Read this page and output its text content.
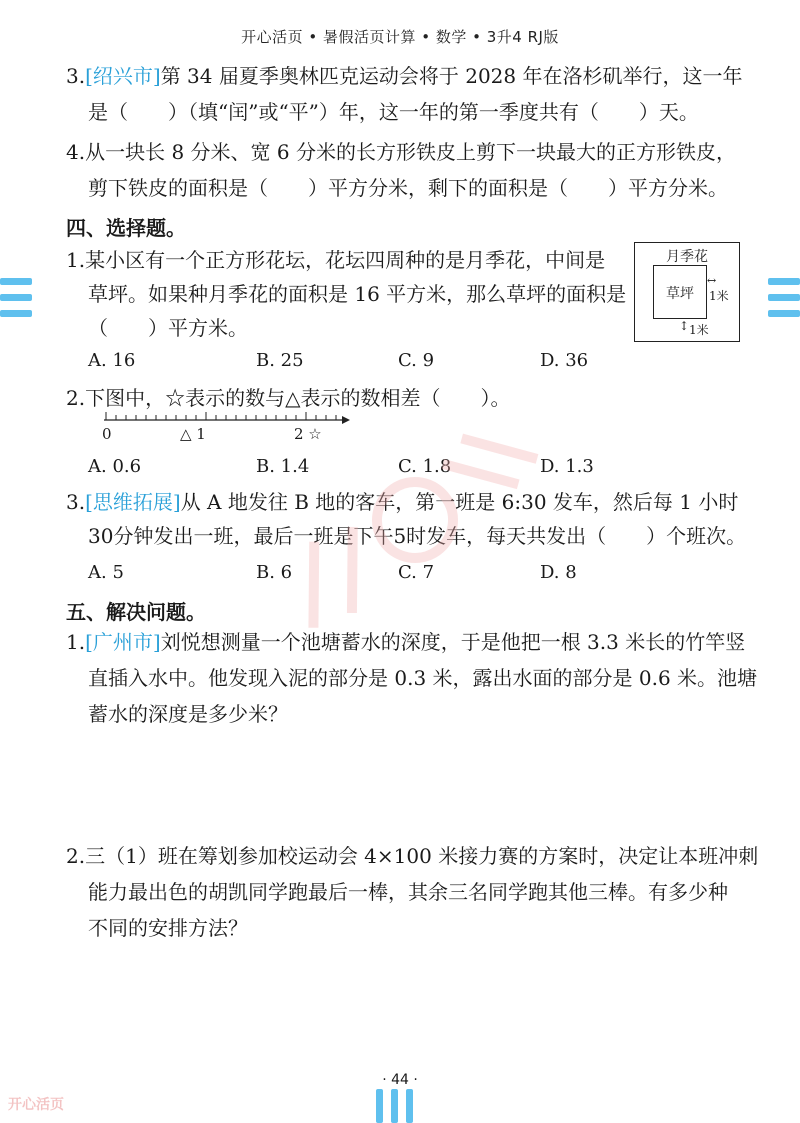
开心活页 • 暑假活页计算 • 数学 • 3升4 RJ版
3.[绍兴市]第 34 届夏季奥林匹克运动会将于 2028 年在洛杉矶举行，这一年
是（　　）（填“闰”或“平”）年，这一年的第一季度共有（　　）天。
4.从一块长 8 分米、宽 6 分米的长方形铁皮上剪下一块最大的正方形铁皮，
剪下铁皮的面积是（　　）平方分米，剩下的面积是（　　）平方分米。
四、选择题。
1.某小区有一个正方形花坛，花坛四周种的是月季花，中间是
草坪。如果种月季花的面积是 16 平方米，那么草坪的面积是
（　　）平方米。
月季花
草坪
↔
1米
↕ 1米
A. 16	B. 25	C. 9	D. 36
2.下图中，☆表示的数与△表示的数相差（　　）。
0	△ 1	2 ☆
A. 0.6	B. 1.4	C. 1.8	D. 1.3
3.[思维拓展]从 A 地发往 B 地的客车，第一班是 6:30 发车，然后每 1 小时
30分钟发出一班，最后一班是下午5时发车，每天共发出（　　）个班次。
A. 5	B. 6	C. 7	D. 8
五、解决问题。
1.[广州市]刘悦想测量一个池塘蓄水的深度，于是他把一根 3.3 米长的竹竿竖
直插入水中。他发现入泥的部分是 0.3 米，露出水面的部分是 0.6 米。池塘
蓄水的深度是多少米？
2.三（1）班在筹划参加校运动会 4×100 米接力赛的方案时，决定让本班冲刺
能力最出色的胡凯同学跑最后一棒，其余三名同学跑其他三棒。有多少种
不同的安排方法？
· 44 ·
开心活页
